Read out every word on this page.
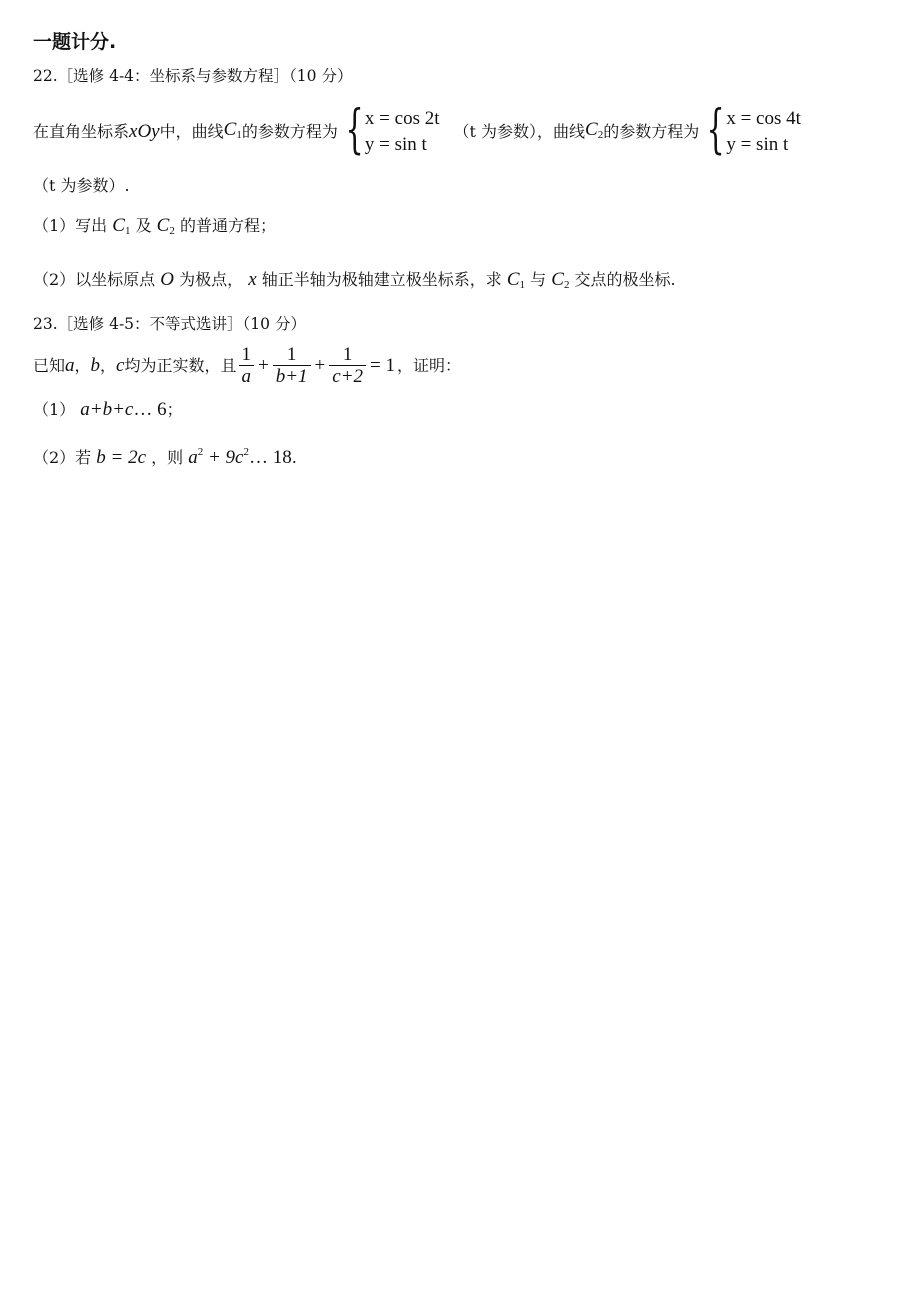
一题计分.
22.［选修 4-4：坐标系与参数方程］（10 分）
在直角坐标系 xOy 中，曲线 $C_1$ 的参数方程为 { x = cos 2t
y = sin t
（t 为参数），曲线 $C_2$ 的参数方程为 { x = cos 4t
y = sin t
（t 为参数）.
（1）写出 $C_1$ 及 $C_2$ 的普通方程；
（2）以坐标原点 O 为极点， x 轴正半轴为极轴建立极坐标系，求 $C_1$ 与 $C_2$ 交点的极坐标.
23.［选修 4-5：不等式选讲］（10 分）
已知 a ， b ， c 均为正实数，且 $\frac{1}{a} + \frac{1}{b+1} + \frac{1}{c+2} = 1$ ，证明：
（1） a+b+c… 6；
（2）若 b = 2c ，则 $a^2$ + $9c^2\dots$ 18.
